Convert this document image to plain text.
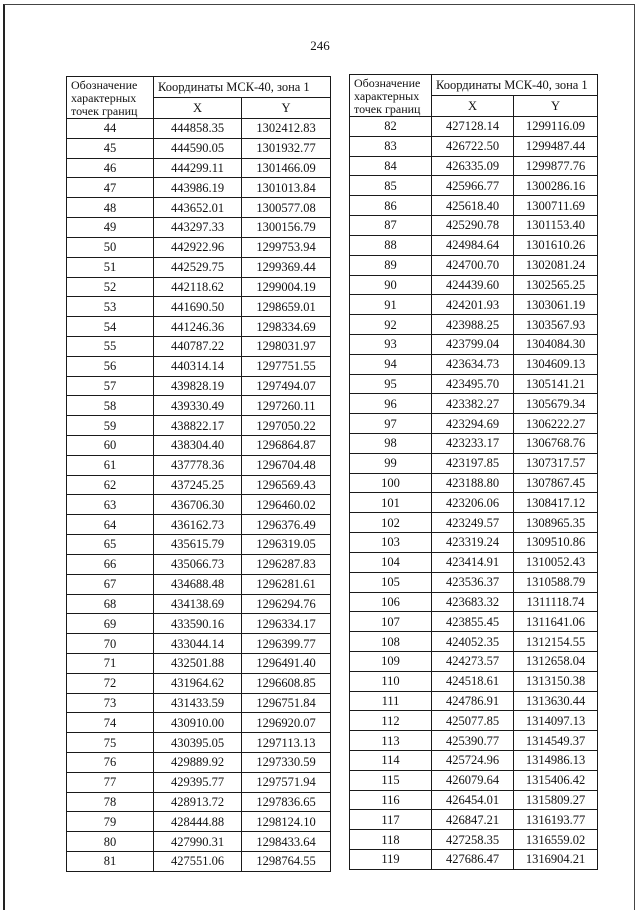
246
Обозначение характерных точек границ	Координаты МСК-40, зона 1	
	X	Y
44	444858.35	1302412.83
45	444590.05	1301932.77
46	444299.11	1301466.09
47	443986.19	1301013.84
48	443652.01	1300577.08
49	443297.33	1300156.79
50	442922.96	1299753.94
51	442529.75	1299369.44
52	442118.62	1299004.19
53	441690.50	1298659.01
54	441246.36	1298334.69
55	440787.22	1298031.97
56	440314.14	1297751.55
57	439828.19	1297494.07
58	439330.49	1297260.11
59	438822.17	1297050.22
60	438304.40	1296864.87
61	437778.36	1296704.48
62	437245.25	1296569.43
63	436706.30	1296460.02
64	436162.73	1296376.49
65	435615.79	1296319.05
66	435066.73	1296287.83
67	434688.48	1296281.61
68	434138.69	1296294.76
69	433590.16	1296334.17
70	433044.14	1296399.77
71	432501.88	1296491.40
72	431964.62	1296608.85
73	431433.59	1296751.84
74	430910.00	1296920.07
75	430395.05	1297113.13
76	429889.92	1297330.59
77	429395.77	1297571.94
78	428913.72	1297836.65
79	428444.88	1298124.10
80	427990.31	1298433.64
81	427551.06	1298764.55
Обозначение характерных точек границ	Координаты МСК-40, зона 1	
	X	Y
82	427128.14	1299116.09
83	426722.50	1299487.44
84	426335.09	1299877.76
85	425966.77	1300286.16
86	425618.40	1300711.69
87	425290.78	1301153.40
88	424984.64	1301610.26
89	424700.70	1302081.24
90	424439.60	1302565.25
91	424201.93	1303061.19
92	423988.25	1303567.93
93	423799.04	1304084.30
94	423634.73	1304609.13
95	423495.70	1305141.21
96	423382.27	1305679.34
97	423294.69	1306222.27
98	423233.17	1306768.76
99	423197.85	1307317.57
100	423188.80	1307867.45
101	423206.06	1308417.12
102	423249.57	1308965.35
103	423319.24	1309510.86
104	423414.91	1310052.43
105	423536.37	1310588.79
106	423683.32	1311118.74
107	423855.45	1311641.06
108	424052.35	1312154.55
109	424273.57	1312658.04
110	424518.61	1313150.38
111	424786.91	1313630.44
112	425077.85	1314097.13
113	425390.77	1314549.37
114	425724.96	1314986.13
115	426079.64	1315406.42
116	426454.01	1315809.27
117	426847.21	1316193.77
118	427258.35	1316559.02
119	427686.47	1316904.21
